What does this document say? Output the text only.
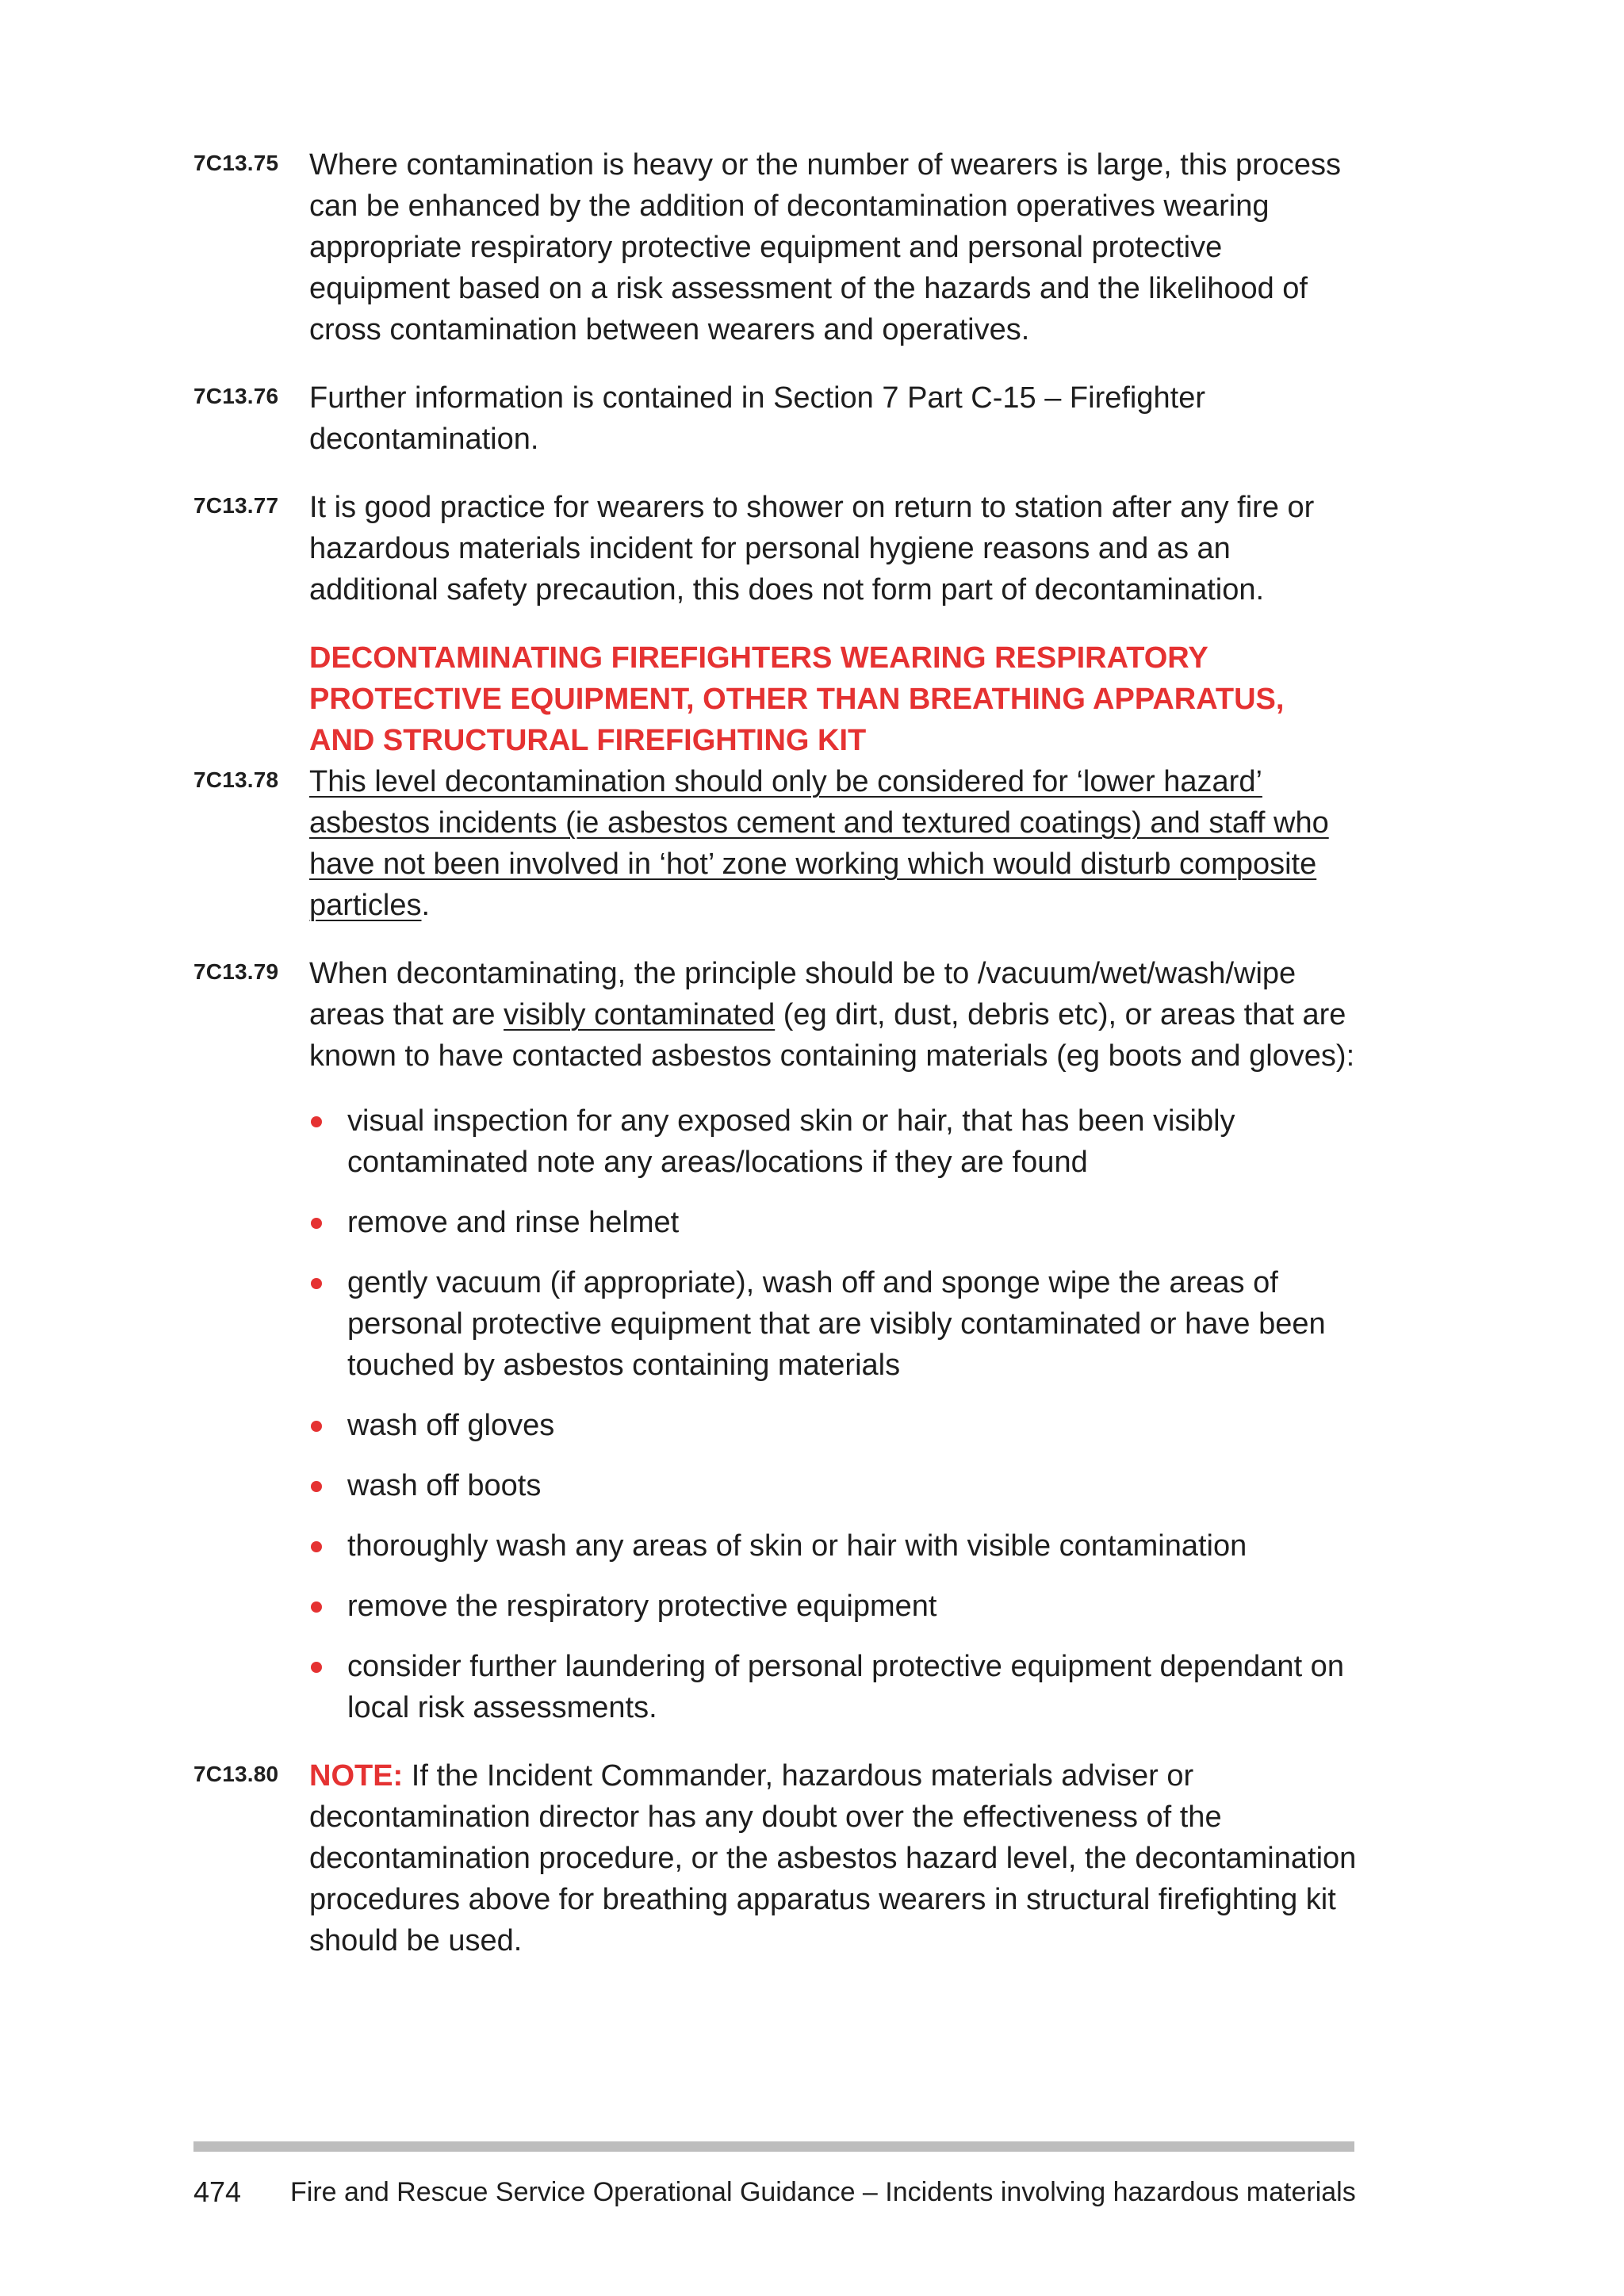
7C13.75 Where contamination is heavy or the number of wearers is large, this process can be enhanced by the addition of decontamination operatives wearing appropriate respiratory protective equipment and personal protective equipment based on a risk assessment of the hazards and the likelihood of cross contamination between wearers and operatives.
7C13.76 Further information is contained in Section 7 Part C-15 – Firefighter decontamination.
7C13.77 It is good practice for wearers to shower on return to station after any fire or hazardous materials incident for personal hygiene reasons and as an additional safety precaution, this does not form part of decontamination.
DECONTAMINATING FIREFIGHTERS WEARING RESPIRATORY
PROTECTIVE EQUIPMENT, OTHER THAN BREATHING APPARATUS,
AND STRUCTURAL FIREFIGHTING KIT
7C13.78 This level decontamination should only be considered for ‘lower hazard’ asbestos incidents (ie asbestos cement and textured coatings) and staff who have not been involved in ‘hot’ zone working which would disturb composite particles.
7C13.79 When decontaminating, the principle should be to /vacuum/wet/wash/wipe areas that are visibly contaminated (eg dirt, dust, debris etc), or areas that are known to have contacted asbestos containing materials (eg boots and gloves):
visual inspection for any exposed skin or hair, that has been visibly contaminated note any areas/locations if they are found
remove and rinse helmet
gently vacuum (if appropriate), wash off and sponge wipe the areas of personal protective equipment that are visibly contaminated or have been touched by asbestos containing materials
wash off gloves
wash off boots
thoroughly wash any areas of skin or hair with visible contamination
remove the respiratory protective equipment
consider further laundering of personal protective equipment dependant on local risk assessments.
7C13.80 NOTE: If the Incident Commander, hazardous materials adviser or decontamination director has any doubt over the effectiveness of the decontamination procedure, or the asbestos hazard level, the decontamination procedures above for breathing apparatus wearers in structural firefighting kit should be used.
474 Fire and Rescue Service Operational Guidance – Incidents involving hazardous materials
